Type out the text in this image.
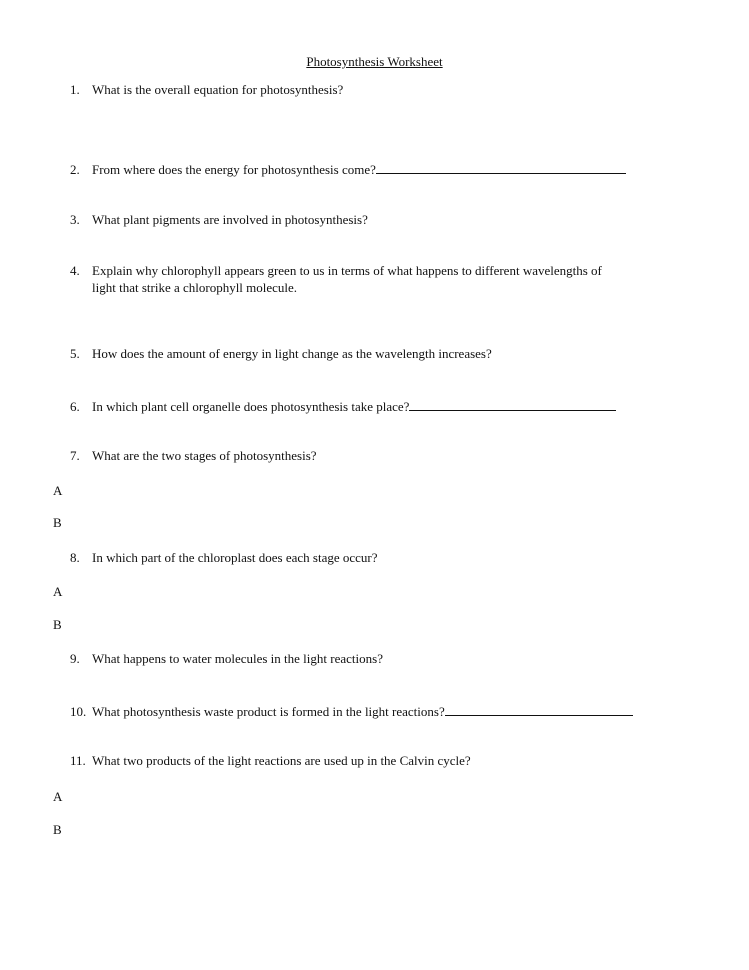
Photosynthesis Worksheet
1. What is the overall equation for photosynthesis?
2. From where does the energy for photosynthesis come?
3. What plant pigments are involved in photosynthesis?
4. Explain why chlorophyll appears green to us in terms of what happens to different wavelengths of
light that strike a chlorophyll molecule.
5. How does the amount of energy in light change as the wavelength increases?
6. In which plant cell organelle does photosynthesis take place?
7. What are the two stages of photosynthesis?
A
B
8. In which part of the chloroplast does each stage occur?
A
B
9. What happens to water molecules in the light reactions?
10. What photosynthesis waste product is formed in the light reactions?
11. What two products of the light reactions are used up in the Calvin cycle?
A
B
